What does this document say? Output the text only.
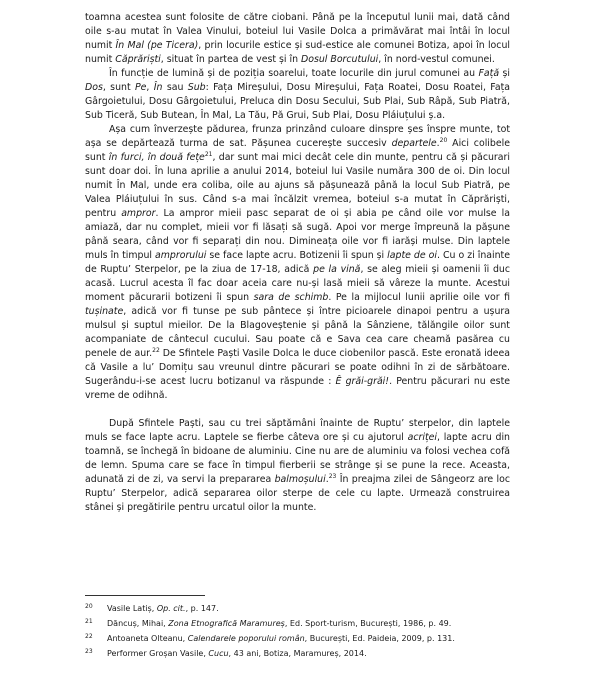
toamna acestea sunt folosite de către ciobani. Până pe la începutul lunii mai, dată când oile s-au mutat în Valea Vinului, boteiul lui Vasile Dolca a primăvărat mai întâi în locul numit În Mal (pe Ticera), prin locurile estice și sud-estice ale comunei Botiza, apoi în locul numit Căprăriști, situat în partea de vest și în Dosul Borcutului, în nord-vestul comunei.

În funcție de lumină și de poziția soarelui, toate locurile din jurul comunei au Față și Dos, sunt Pe, În sau Sub: Fața Mireșului, Dosu Mireșului, Fața Roatei, Dosu Roatei, Fața Gârgoietului, Dosu Gârgoietului, Preluca din Dosu Secului, Sub Plai, Sub Râpă, Sub Piatră, Sub Ticeră, Sub Butean, În Mal, La Tău, Pă Grui, Sub Plai, Dosu Pláiuțului ș.a.

Așa cum înverzește pădurea, frunza prinzând culoare dinspre șes înspre munte, tot așa se depărtează turma de sat. Pășunea cucerește succesiv departele.$^{20}$ Aici colibele sunt în furci, în două fețe$^{21}$, dar sunt mai mici decât cele din munte, pentru că și păcurari sunt doar doi. În luna aprilie a anului 2014, boteiul lui Vasile număra 300 de oi. Din locul numit În Mal, unde era coliba, oile au ajuns să pășunează până la locul Sub Piatră, pe Valea Pláiuțului în sus. Când s-a mai încălzit vremea, boteiul s-a mutat în Căprăriști, pentru ampror. La ampror mieii pasc separat de oi și abia pe când oile vor mulse la amiază, dar nu complet, mieii vor fi lăsați să sugă. Apoi vor merge împreună la pășune până seara, când vor fi separați din nou. Dimineața oile vor fi iarăși mulse. Din laptele muls în timpul amprorului se face lapte acru. Botizenii îi spun și lapte de oi. Cu o zi înainte de Ruptu’ Sterpelor, pe la ziua de 17-18, adică pe la vină, se aleg mieii și oamenii îi duc acasă. Lucrul acesta îl fac doar aceia care nu-și lasă mieii să vâreze la munte. Acestui moment păcurarii botizeni îi spun sara de schimb. Pe la mijlocul lunii aprilie oile vor fi tușinate, adică vor fi tunse pe sub pântece și între picioarele dinapoi pentru a ușura mulsul și suptul mieilor. De la Blagoveștenie și până la Sânziene, tălăngile oilor sunt acompaniate de cântecul cucului. Sau poate că e Sava cea care cheamă pasărea cu penele de aur.$^{22}$ De Sfintele Paști Vasile Dolca le duce ciobenilor pască. Este eronată ideea că Vasile a lu’ Domițu sau vreunul dintre păcurari se poate odihni în zi de sărbătoare. Sugerându-i-se acest lucru botizanul va răspunde : Ê grăi-grăi!. Pentru păcurari nu este vreme de odihnă.

După Sfintele Paști, sau cu trei săptămâni înainte de Ruptu’ sterpelor, din laptele muls se face lapte acru. Laptele se fierbe câteva ore și cu ajutorul acriței, lapte acru din toamnă, se închegă în bidoane de aluminiu. Cine nu are de aluminiu va folosi vechea cofă de lemn. Spuma care se face în timpul fierberii se strânge și se pune la rece. Aceasta, adunată zi de zi, va servi la prepararea balmoșului.$^{23}$ În preajma zilei de Sângeorz are loc Ruptu’ Sterpelor, adică separarea oilor sterpe de cele cu lapte. Urmează construirea stânei și pregătirile pentru urcatul oilor la munte.

20	Vasile Latiș, Op. cit., p. 147.
21	Dăncuș, Mihai, Zona Etnografică Maramureș, Ed. Sport-turism, București, 1986, p. 49.
22	Antoaneta Olteanu, Calendarele poporului român, București, Ed. Paideia, 2009, p. 131.
23	Performer Groșan Vasile, Cucu, 43 ani, Botiza, Maramureș, 2014.
